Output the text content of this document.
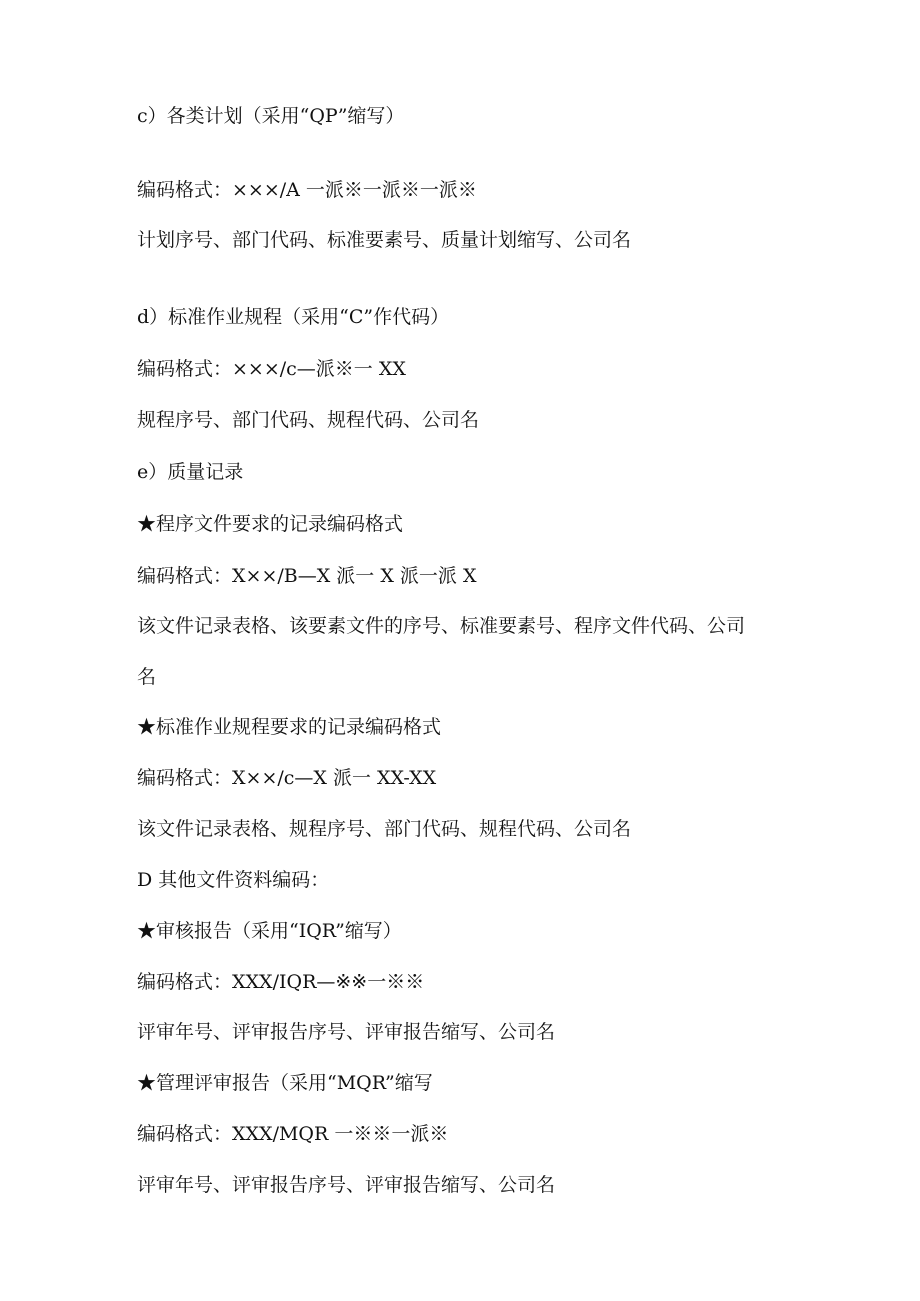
c）各类计划（采用“QP”缩写）
编码格式：×××/A 一派※一派※一派※
计划序号、部门代码、标准要素号、质量计划缩写、公司名
d）标准作业规程（采用“C”作代码）
编码格式：×××/c—派※一 XX
规程序号、部门代码、规程代码、公司名
e）质量记录
★程序文件要求的记录编码格式
编码格式：X××/B—X 派一 X 派一派 X
该文件记录表格、该要素文件的序号、标准要素号、程序文件代码、公司
名
★标准作业规程要求的记录编码格式
编码格式：X××/c—X 派一 XX-XX
该文件记录表格、规程序号、部门代码、规程代码、公司名
D 其他文件资料编码：
★审核报告（采用“IQR”缩写）
编码格式：XXX/IQR—※※一※※
评审年号、评审报告序号、评审报告缩写、公司名
★管理评审报告（采用“MQR”缩写
编码格式：XXX/MQR 一※※一派※
评审年号、评审报告序号、评审报告缩写、公司名
